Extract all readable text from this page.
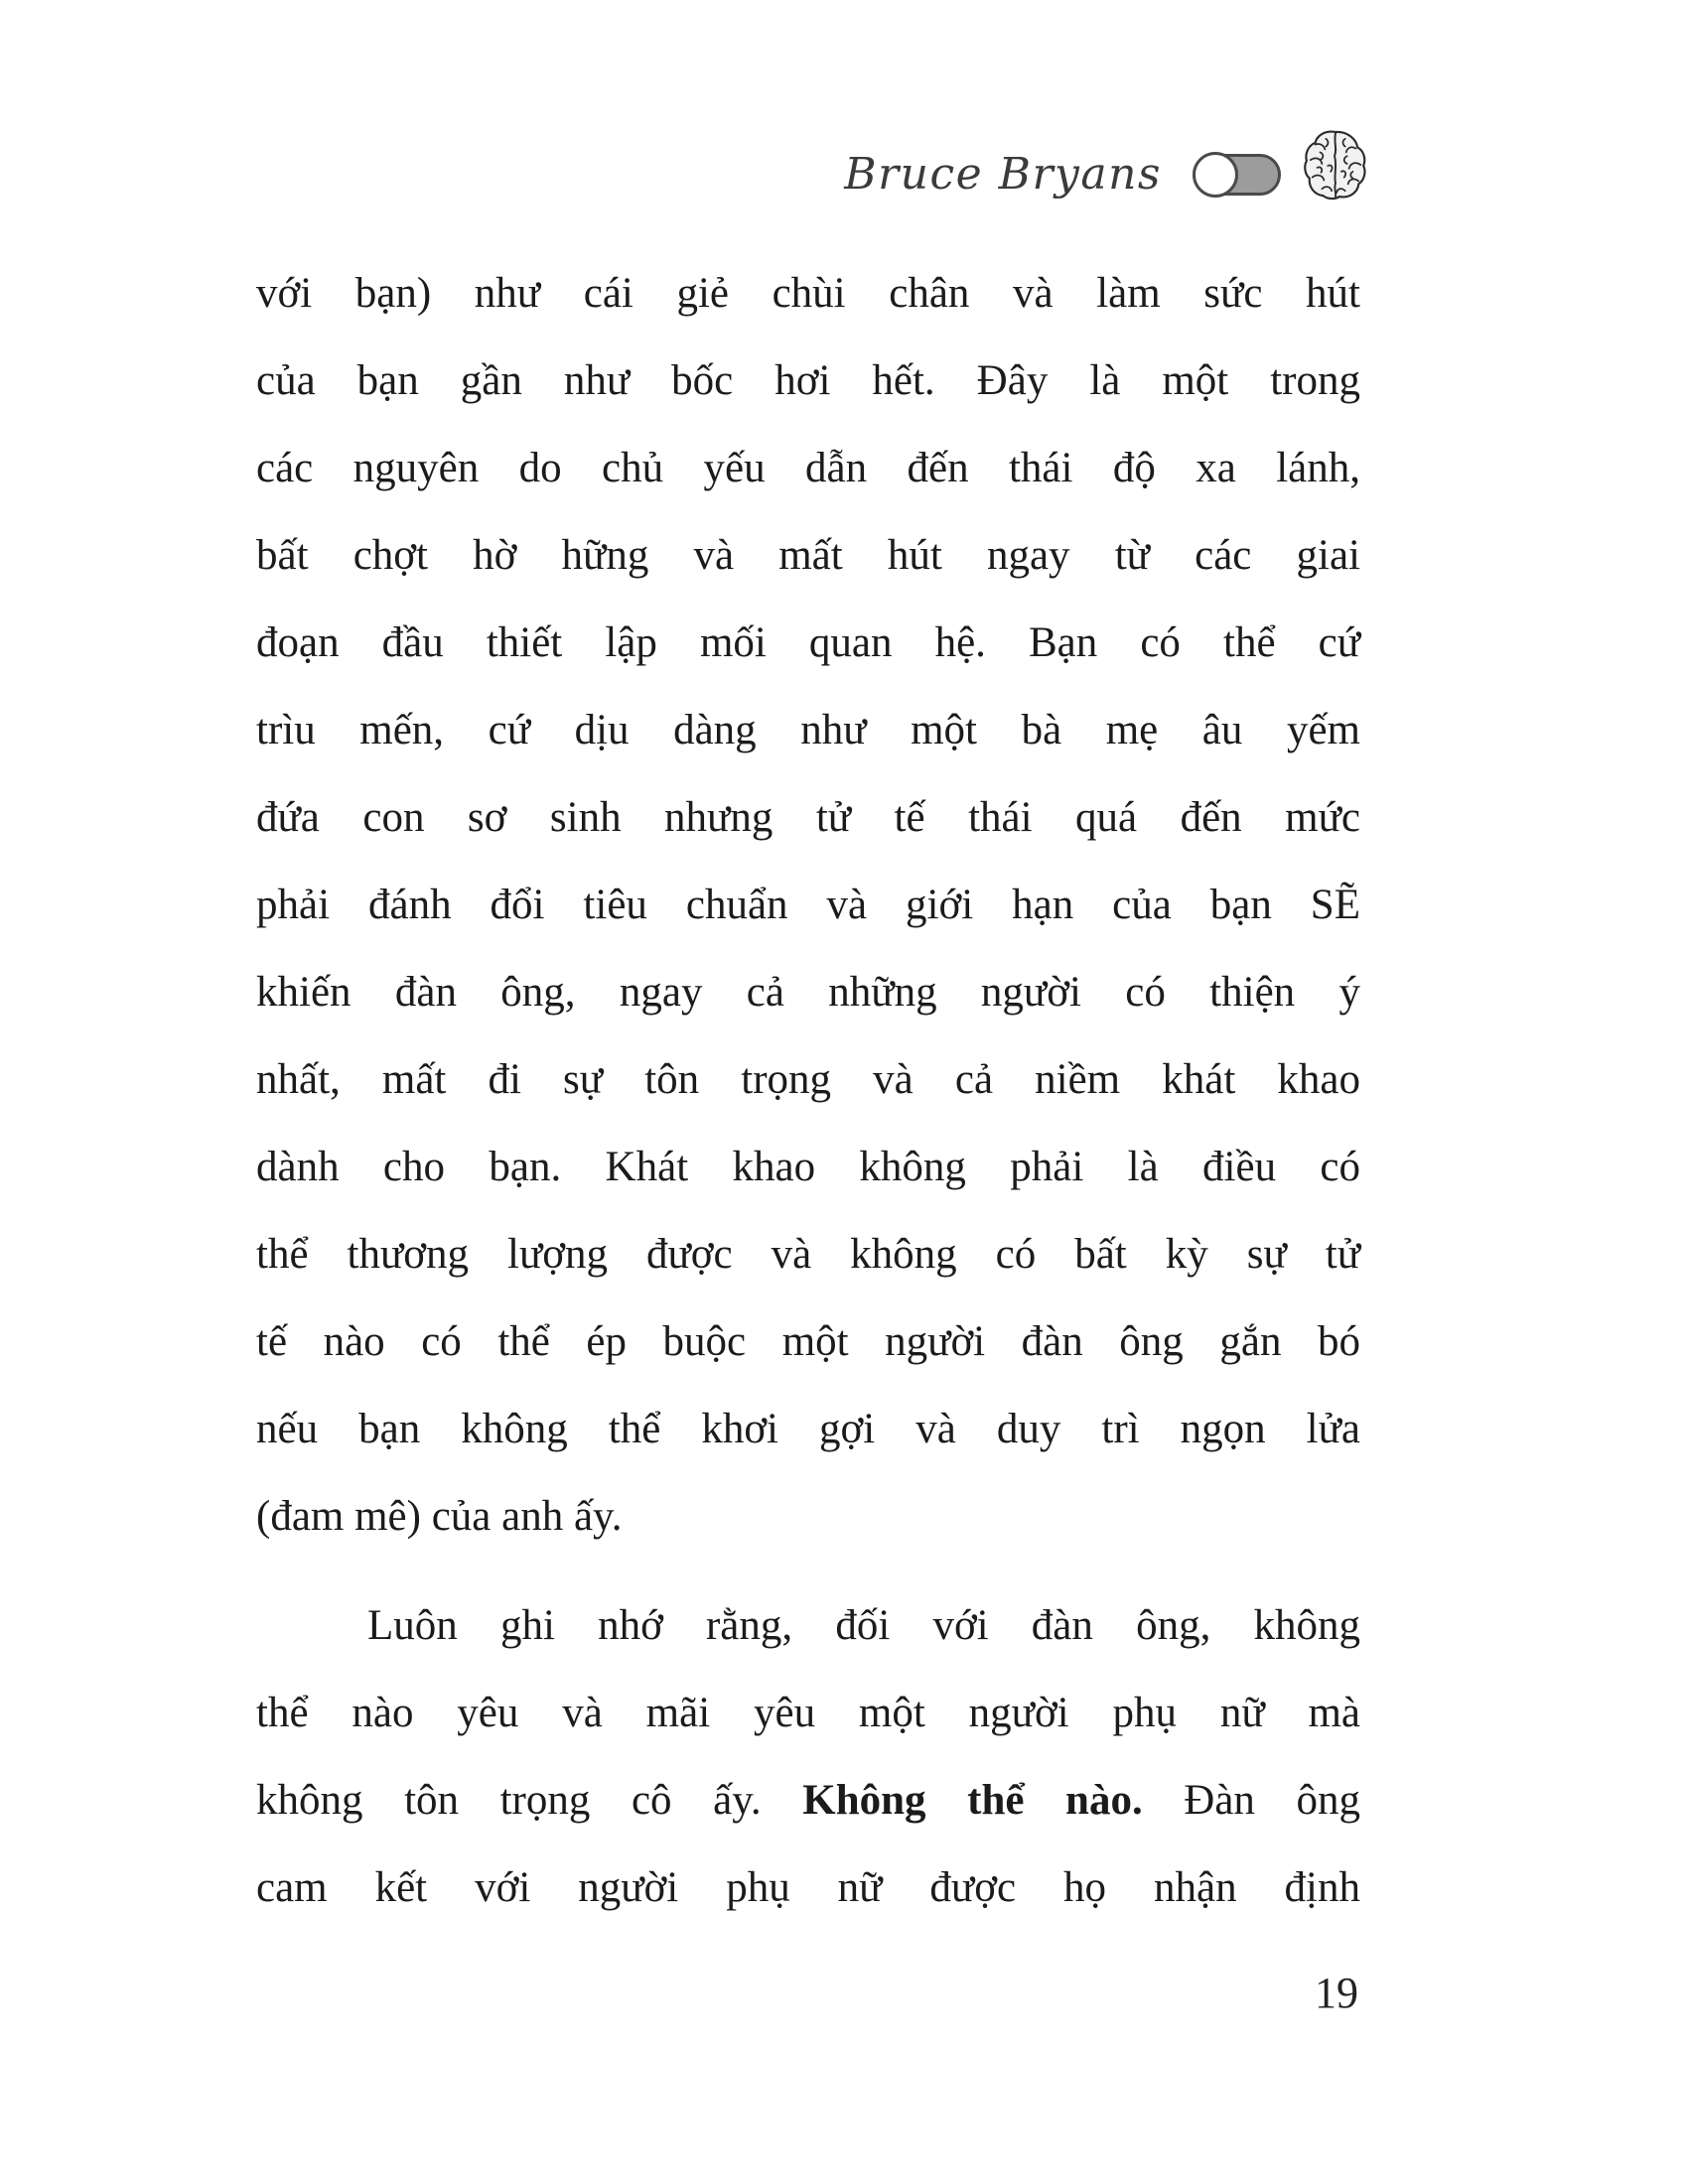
Bruce Bryans
với bạn) như cái giẻ chùi chân và làm sức hút
của bạn gần như bốc hơi hết. Đây là một trong
các nguyên do chủ yếu dẫn đến thái độ xa lánh,
bất chợt hờ hững và mất hút ngay từ các giai
đoạn đầu thiết lập mối quan hệ. Bạn có thể cứ
trìu mến, cứ dịu dàng như một bà mẹ âu yếm
đứa con sơ sinh nhưng tử tế thái quá đến mức
phải đánh đổi tiêu chuẩn và giới hạn của bạn SẼ
khiến đàn ông, ngay cả những người có thiện ý
nhất, mất đi sự tôn trọng và cả niềm khát khao
dành cho bạn. Khát khao không phải là điều có
thể thương lượng được và không có bất kỳ sự tử
tế nào có thể ép buộc một người đàn ông gắn bó
nếu bạn không thể khơi gợi và duy trì ngọn lửa
(đam mê) của anh ấy.
Luôn ghi nhớ rằng, đối với đàn ông, không
thể nào yêu và mãi yêu một người phụ nữ mà
không tôn trọng cô ấy. Không thể nào. Đàn ông
cam kết với người phụ nữ được họ nhận định
19
